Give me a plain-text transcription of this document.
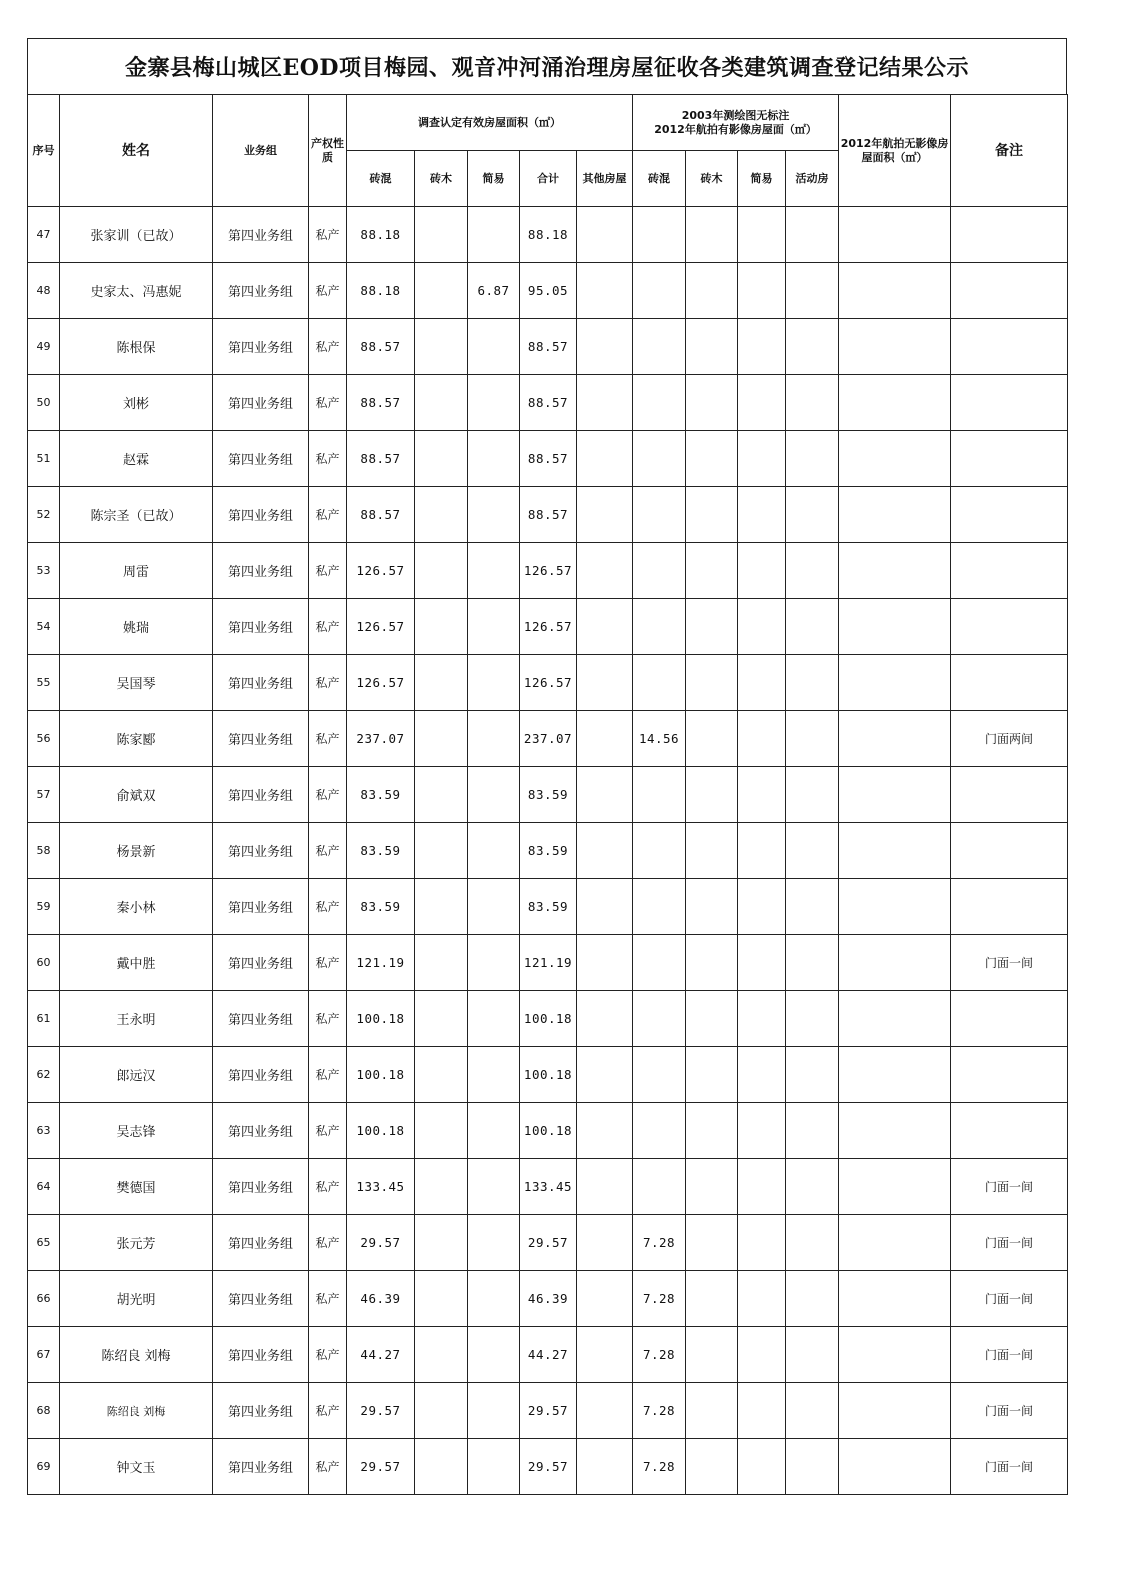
金寨县梅山城区EOD项目梅园、观音冲河涌治理房屋征收各类建筑调查登记结果公示
序号	姓名	业务组	产权性质	调查认定有效房屋面积（㎡）					2003年测绘图无标注
2012年航拍有影像房屋面（㎡）				2012年航拍无影像房屋面积（㎡）	备注
				砖混	砖木	简易	合计	其他房屋	砖混	砖木	简易	活动房		
47	张家训（已故）	第四业务组	私产	88.18			88.18							
48	史家太、冯惠妮	第四业务组	私产	88.18		6.87	95.05							
49	陈根保	第四业务组	私产	88.57			88.57							
50	刘彬	第四业务组	私产	88.57			88.57							
51	赵霖	第四业务组	私产	88.57			88.57							
52	陈宗圣（已故）	第四业务组	私产	88.57			88.57							
53	周雷	第四业务组	私产	126.57			126.57							
54	姚瑞	第四业务组	私产	126.57			126.57							
55	吴国琴	第四业务组	私产	126.57			126.57							
56	陈家郾	第四业务组	私产	237.07			237.07		14.56					门面两间
57	俞斌双	第四业务组	私产	83.59			83.59							
58	杨景新	第四业务组	私产	83.59			83.59							
59	秦小林	第四业务组	私产	83.59			83.59							
60	戴中胜	第四业务组	私产	121.19			121.19							门面一间
61	王永明	第四业务组	私产	100.18			100.18							
62	郎远汉	第四业务组	私产	100.18			100.18							
63	吴志锋	第四业务组	私产	100.18			100.18							
64	樊德国	第四业务组	私产	133.45			133.45							门面一间
65	张元芳	第四业务组	私产	29.57			29.57		7.28					门面一间
66	胡光明	第四业务组	私产	46.39			46.39		7.28					门面一间
67	陈绍良 刘梅	第四业务组	私产	44.27			44.27		7.28					门面一间
68	陈绍良 刘梅	第四业务组	私产	29.57			29.57		7.28					门面一间
69	钟文玉	第四业务组	私产	29.57			29.57		7.28					门面一间
